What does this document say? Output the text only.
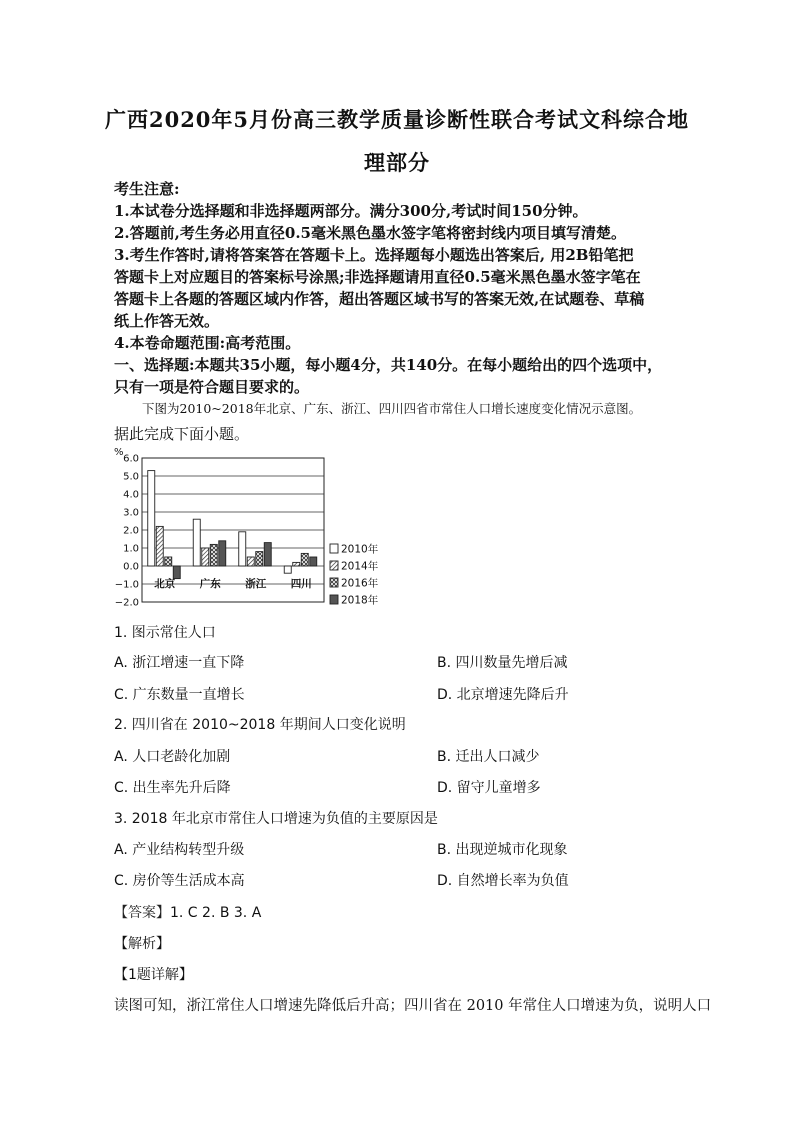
广西2020年5月份高三教学质量诊断性联合考试文科综合地
理部分
考生注意:
1.本试卷分选择题和非选择题两部分。满分300分,考试时间150分钟。
2.答题前,考生务必用直径0.5毫米黑色墨水签字笔将密封线内项目填写清楚。
3.考生作答时,请将答案答在答题卡上。选择题每小题选出答案后, 用2B铅笔把
答题卡上对应题目的答案标号涂黑;非选择题请用直径0.5毫米黑色墨水签字笔在
答题卡上各题的答题区域内作答，超出答题区域书写的答案无效,在试题卷、草稿
纸上作答无效。
4.本卷命题范围:高考范围。
一、选择题:本题共35小题，每小题4分，共140分。在每小题给出的四个选项中，
只有一项是符合题目要求的。
下图为2010~2018年北京、广东、浙江、四川四省市常住人口增长速度变化情况示意图。
据此完成下面小题。
6.0
5.0
4.0
3.0
2.0
1.0
0.0
−1.0
−2.0
%
北京 广东 浙江 四川
2010年
2014年
2016年
2018年
1. 图示常住人口
A. 浙江增速一直下降	B. 四川数量先增后减
C. 广东数量一直增长	D. 北京增速先降后升
2. 四川省在 2010~2018 年期间人口变化说明
A. 人口老龄化加剧	B. 迁出人口减少
C. 出生率先升后降	D. 留守儿童增多
3. 2018 年北京市常住人口增速为负值的主要原因是
A. 产业结构转型升级	B. 出现逆城市化现象
C. 房价等生活成本高	D. 自然增长率为负值
【答案】1. C 2. B 3. A
【解析】
【1题详解】
读图可知，浙江常住人口增速先降低后升高；四川省在 2010 年常住人口增速为负，说明人口
